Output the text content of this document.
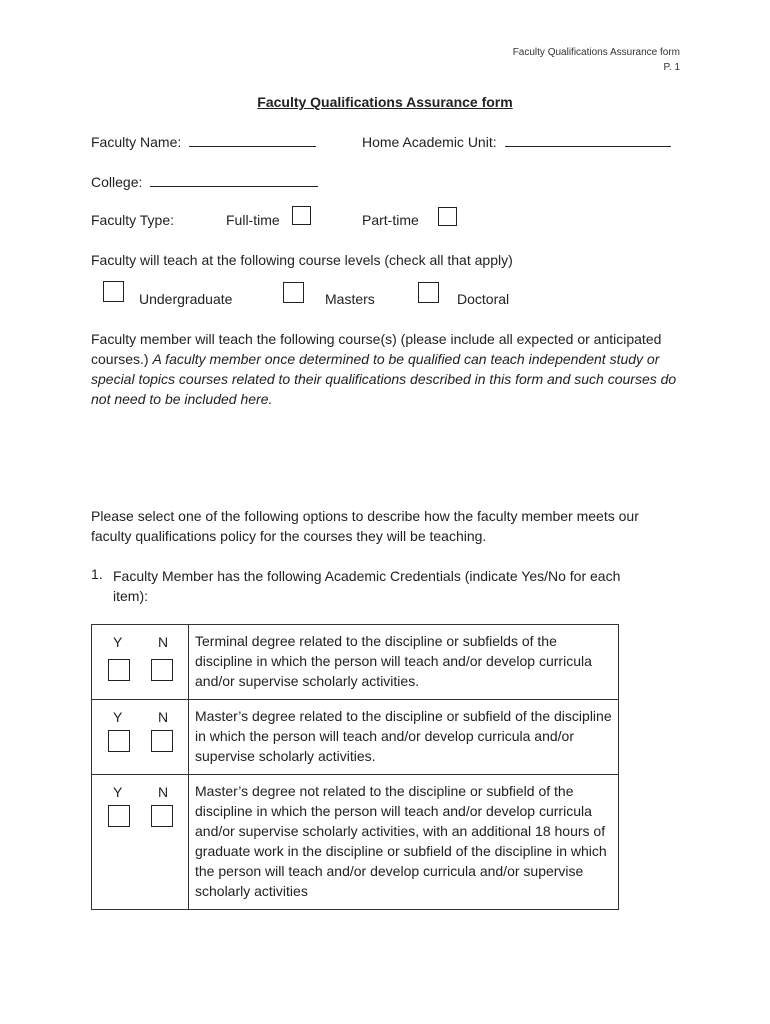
Faculty Qualifications Assurance form
P. 1
Faculty Qualifications Assurance form
Faculty Name:	Home Academic Unit:
College:
Faculty Type:	Full-time	Part-time
Faculty will teach at the following course levels (check all that apply)
Undergraduate	Masters	Doctoral
Faculty member will teach the following course(s) (please include all expected or anticipated courses.) A faculty member once determined to be qualified can teach independent study or special topics courses related to their qualifications described in this form and such courses do not need to be included here.
Please select one of the following options to describe how the faculty member meets our faculty qualifications policy for the courses they will be teaching.
1. Faculty Member has the following Academic Credentials (indicate Yes/No for each item):
Y N	Terminal degree related to the discipline or subfields of the discipline in which the person will teach and/or develop curricula and/or supervise scholarly activities.

Y N	Master’s degree related to the discipline or subfield of the discipline in which the person will teach and/or develop curricula and/or supervise scholarly activities.

Y N	Master’s degree not related to the discipline or subfield of the discipline in which the person will teach and/or develop curricula and/or supervise scholarly activities, with an additional 18 hours of graduate work in the discipline or subfield of the discipline in which the person will teach and/or develop curricula and/or supervise scholarly activities
